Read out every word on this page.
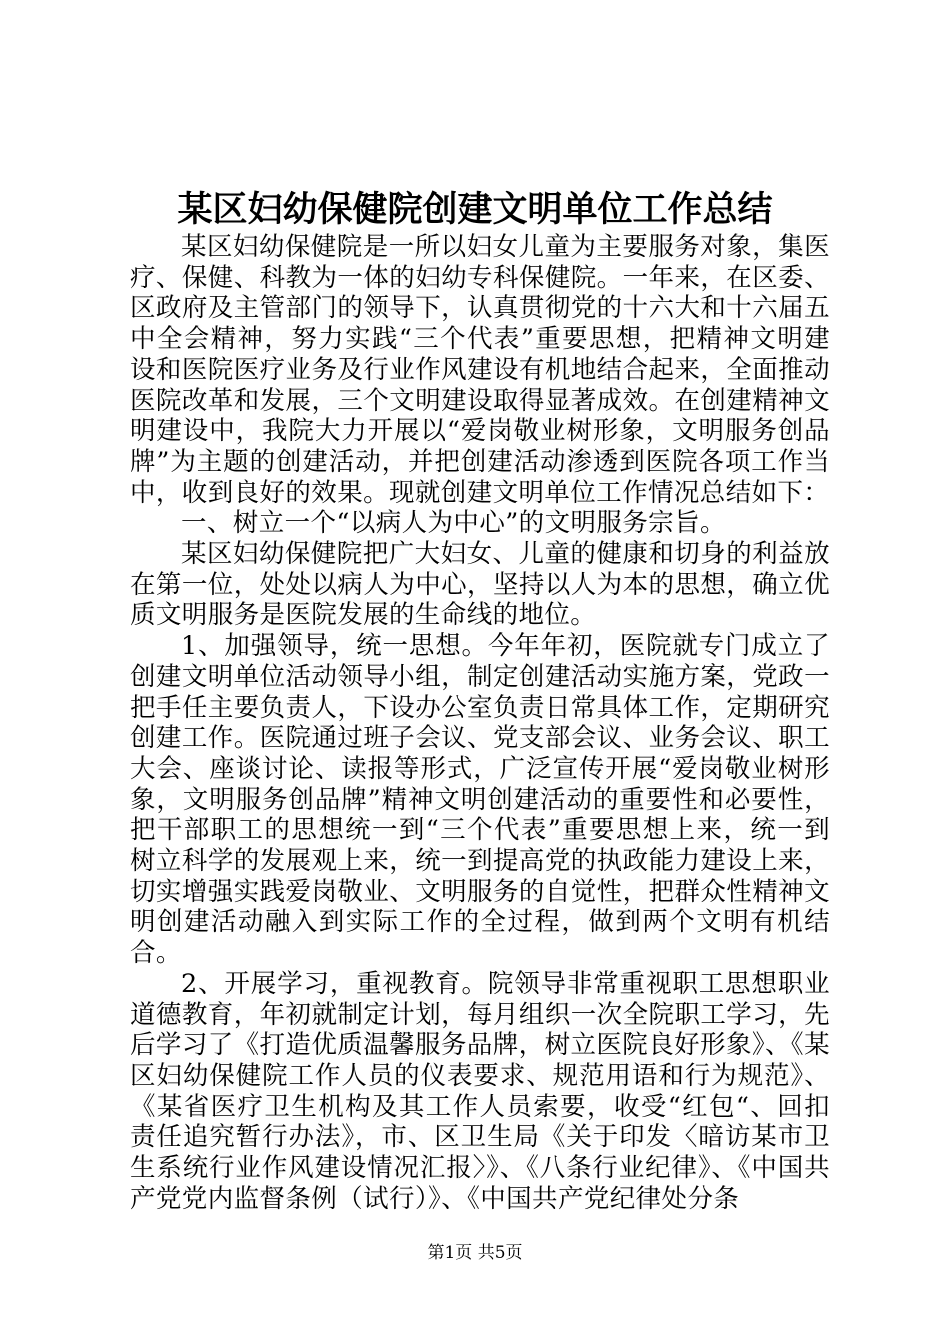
某区妇幼保健院创建文明单位工作总结

某区妇幼保健院是一所以妇女儿童为主要服务对象，集医疗、保健、科教为一体的妇幼专科保健院。一年来，在区委、区政府及主管部门的领导下，认真贯彻党的十六大和十六届五中全会精神，努力实践“三个代表”重要思想，把精神文明建设和医院医疗业务及行业作风建设有机地结合起来，全面推动医院改革和发展，三个文明建设取得显著成效。在创建精神文明建设中，我院大力开展以“爱岗敬业树形象，文明服务创品牌”为主题的创建活动，并把创建活动渗透到医院各项工作当中，收到良好的效果。现就创建文明单位工作情况总结如下：

一、树立一个“以病人为中心”的文明服务宗旨。

某区妇幼保健院把广大妇女、儿童的健康和切身的利益放在第一位，处处以病人为中心，坚持以人为本的思想，确立优质文明服务是医院发展的生命线的地位。

1、加强领导，统一思想。今年年初，医院就专门成立了创建文明单位活动领导小组，制定创建活动实施方案，党政一把手任主要负责人，下设办公室负责日常具体工作，定期研究创建工作。医院通过班子会议、党支部会议、业务会议、职工大会、座谈讨论、读报等形式，广泛宣传开展“爱岗敬业树形象，文明服务创品牌”精神文明创建活动的重要性和必要性，把干部职工的思想统一到“三个代表”重要思想上来，统一到树立科学的发展观上来，统一到提高党的执政能力建设上来，切实增强实践爱岗敬业、文明服务的自觉性，把群众性精神文明创建活动融入到实际工作的全过程，做到两个文明有机结合。

2、开展学习，重视教育。院领导非常重视职工思想职业道德教育，年初就制定计划，每月组织一次全院职工学习，先后学习了《打造优质温馨服务品牌，树立医院良好形象》、《某区妇幼保健院工作人员的仪表要求、规范用语和行为规范》、《某省医疗卫生机构及其工作人员索要，收受“红包“、回扣责任追究暂行办法》，市、区卫生局《关于印发〈暗访某市卫生系统行业作风建设情况汇报〉》、《八条行业纪律》、《中国共产党党内监督条例（试行）》、《中国共产党纪律处分条

第1页 共5页
